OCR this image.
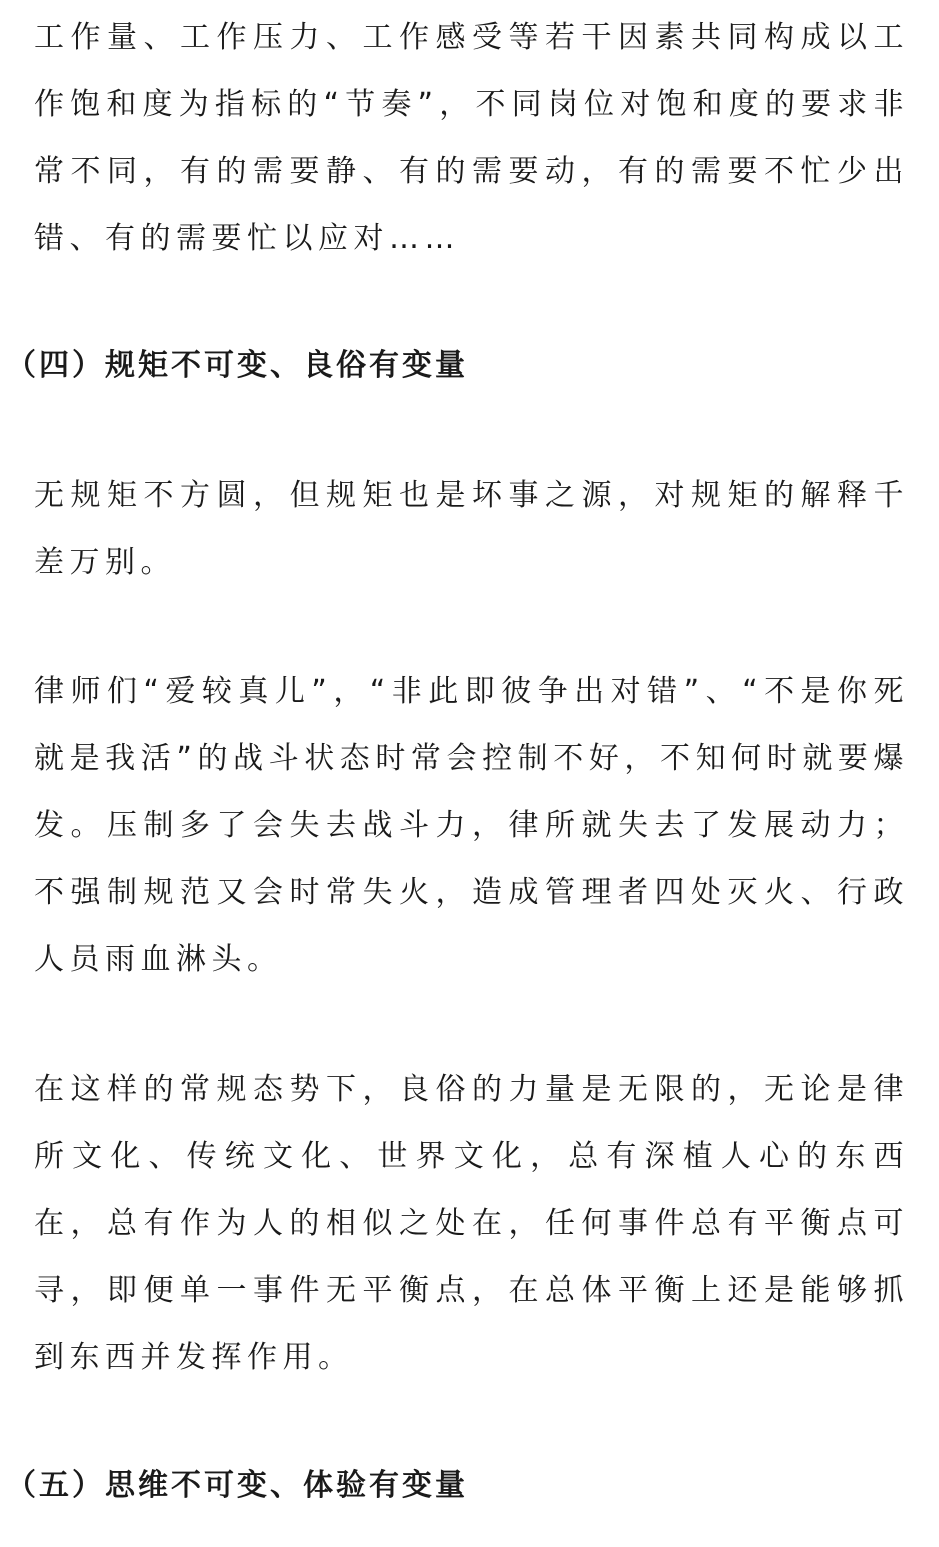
工作量、工作压力、工作感受等若干因素共同构成以工作饱和度为指标的“节奏”，不同岗位对饱和度的要求非常不同，有的需要静、有的需要动，有的需要不忙少出错、有的需要忙以应对……

（四）规矩不可变、良俗有变量

无规矩不方圆，但规矩也是坏事之源，对规矩的解释千差万别。

律师们“爱较真儿”，“非此即彼争出对错”、“不是你死就是我活”的战斗状态时常会控制不好，不知何时就要爆发。压制多了会失去战斗力，律所就失去了发展动力；不强制规范又会时常失火，造成管理者四处灭火、行政人员雨血淋头。

在这样的常规态势下，良俗的力量是无限的，无论是律所文化、传统文化、世界文化，总有深植人心的东西在，总有作为人的相似之处在，任何事件总有平衡点可寻，即便单一事件无平衡点，在总体平衡上还是能够抓到东西并发挥作用。

（五）思维不可变、体验有变量
